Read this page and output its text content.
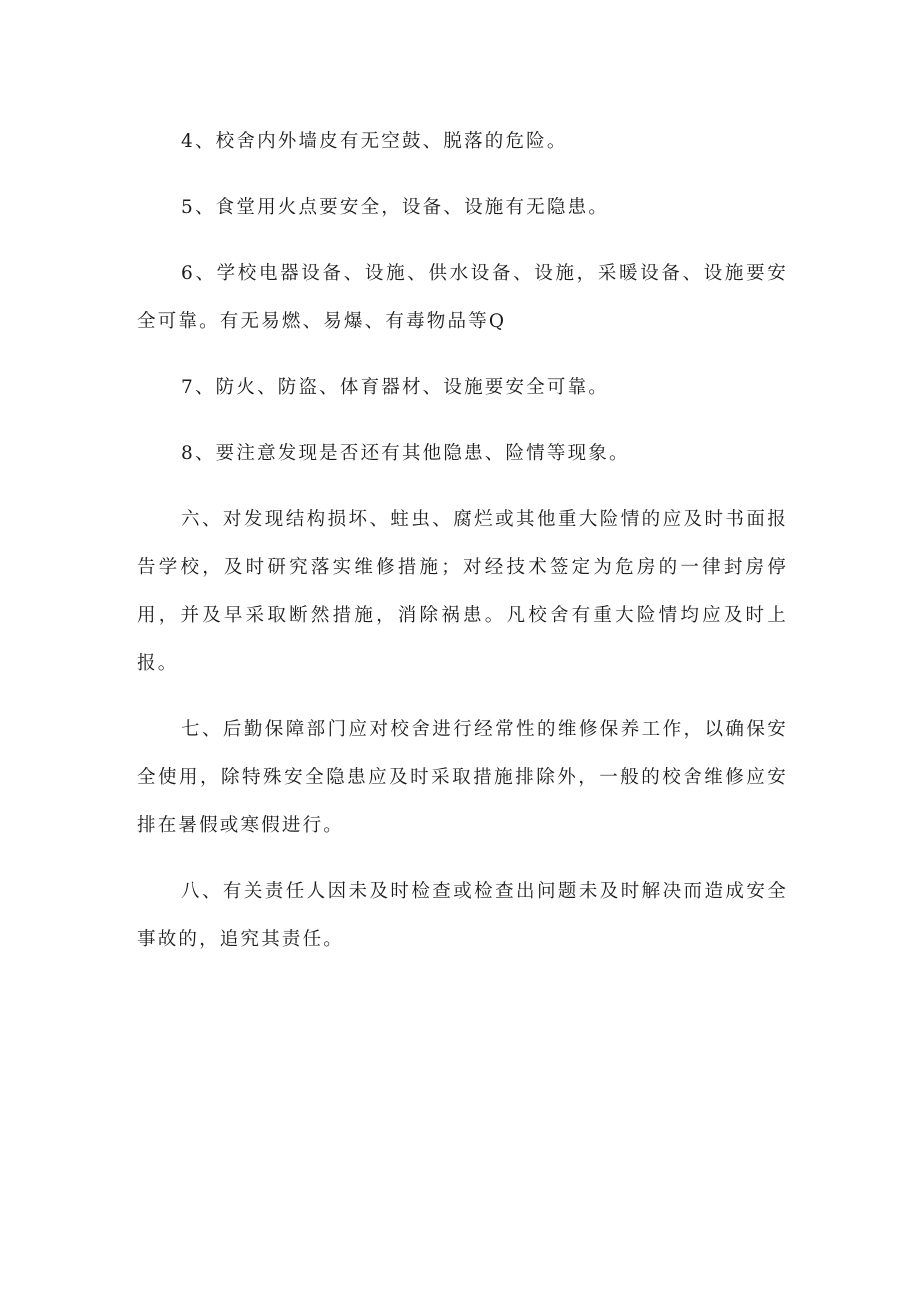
4、校舍内外墙皮有无空鼓、脱落的危险。

5、食堂用火点要安全，设备、设施有无隐患。

6、学校电器设备、设施、供水设备、设施，采暖设备、设施要安全可靠。有无易燃、易爆、有毒物品等Q

7、防火、防盗、体育器材、设施要安全可靠。

8、要注意发现是否还有其他隐患、险情等现象。

六、对发现结构损坏、蛀虫、腐烂或其他重大险情的应及时书面报告学校，及时研究落实维修措施；对经技术签定为危房的一律封房停用，并及早采取断然措施，消除祸患。凡校舍有重大险情均应及时上报。

七、后勤保障部门应对校舍进行经常性的维修保养工作，以确保安全使用，除特殊安全隐患应及时采取措施排除外，一般的校舍维修应安排在暑假或寒假进行。

八、有关责任人因未及时检查或检查出问题未及时解决而造成安全事故的，追究其责任。
